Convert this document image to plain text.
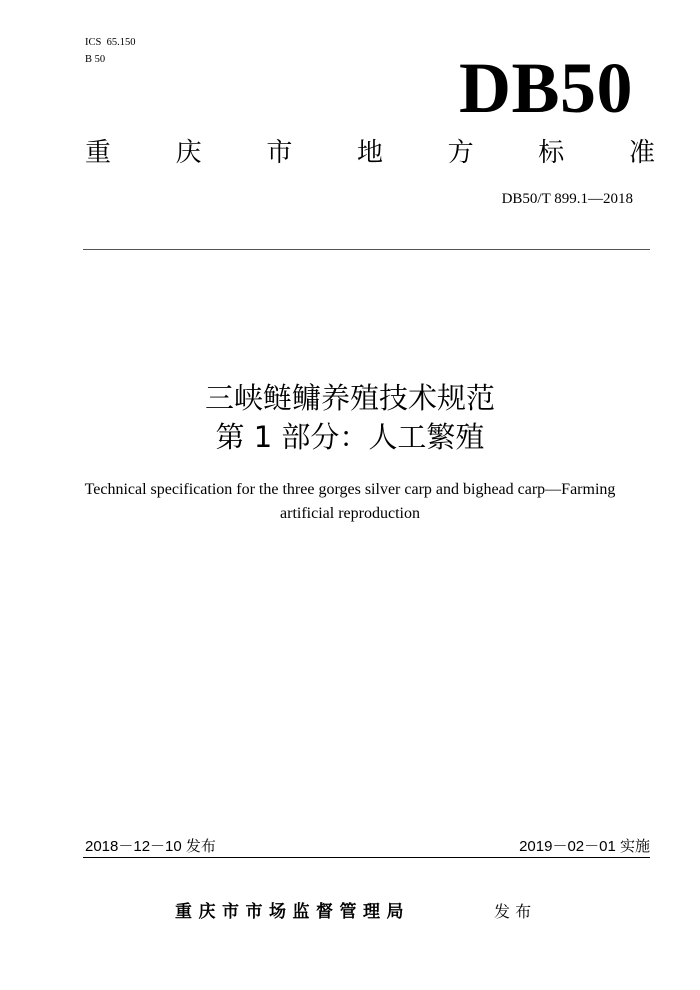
ICS  65.150
B 50	DB50
重 庆 市 地 方 标 准
DB50/T 899.1—2018
三峡鲢鳙养殖技术规范
第 1 部分：人工繁殖
Technical specification for the three gorges silver carp and bighead carp—Farming
artificial reproduction
2018－12－10 发布	2019－02－01 实施
重庆市市场监督管理局	发 布
